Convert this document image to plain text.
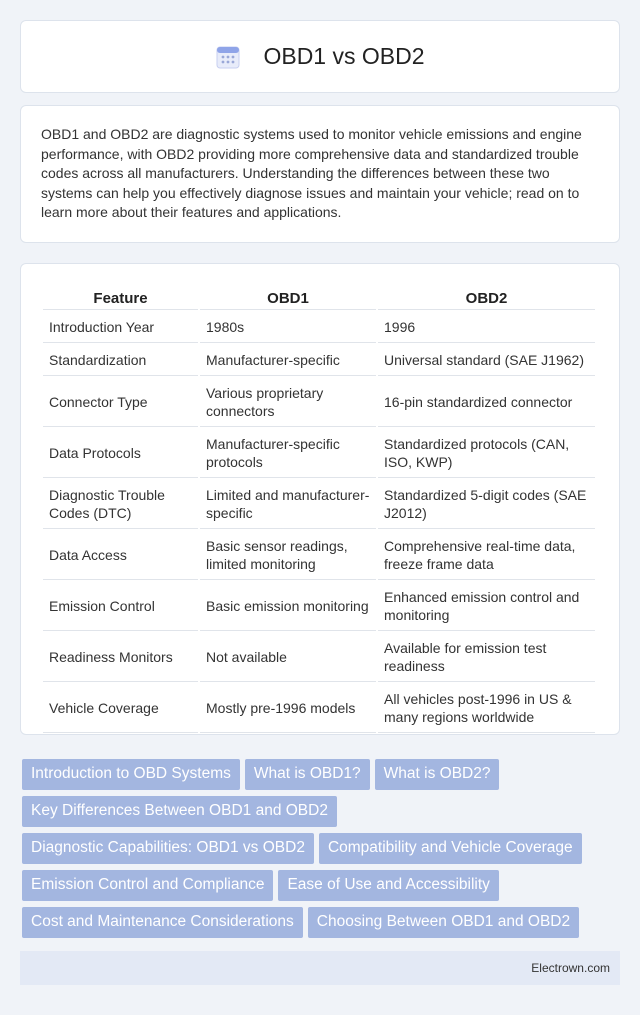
OBD1 vs OBD2

OBD1 and OBD2 are diagnostic systems used to monitor vehicle emissions and engine performance, with OBD2 providing more comprehensive data and standardized trouble codes across all manufacturers. Understanding the differences between these two systems can help you effectively diagnose issues and maintain your vehicle; read on to learn more about their features and applications.

Feature	OBD1	OBD2
Introduction Year	1980s	1996
Standardization	Manufacturer-specific	Universal standard (SAE J1962)
Connector Type	Various proprietary connectors	16-pin standardized connector
Data Protocols	Manufacturer-specific protocols	Standardized protocols (CAN, ISO, KWP)
Diagnostic Trouble Codes (DTC)	Limited and manufacturer-specific	Standardized 5-digit codes (SAE J2012)
Data Access	Basic sensor readings, limited monitoring	Comprehensive real-time data, freeze frame data
Emission Control	Basic emission monitoring	Enhanced emission control and monitoring
Readiness Monitors	Not available	Available for emission test readiness
Vehicle Coverage	Mostly pre-1996 models	All vehicles post-1996 in US & many regions worldwide
Introduction to OBD Systems What is OBD1? What is OBD2?
Key Differences Between OBD1 and OBD2
Diagnostic Capabilities: OBD1 vs OBD2 Compatibility and Vehicle Coverage
Emission Control and Compliance Ease of Use and Accessibility
Cost and Maintenance Considerations Choosing Between OBD1 and OBD2
Electrown.com
